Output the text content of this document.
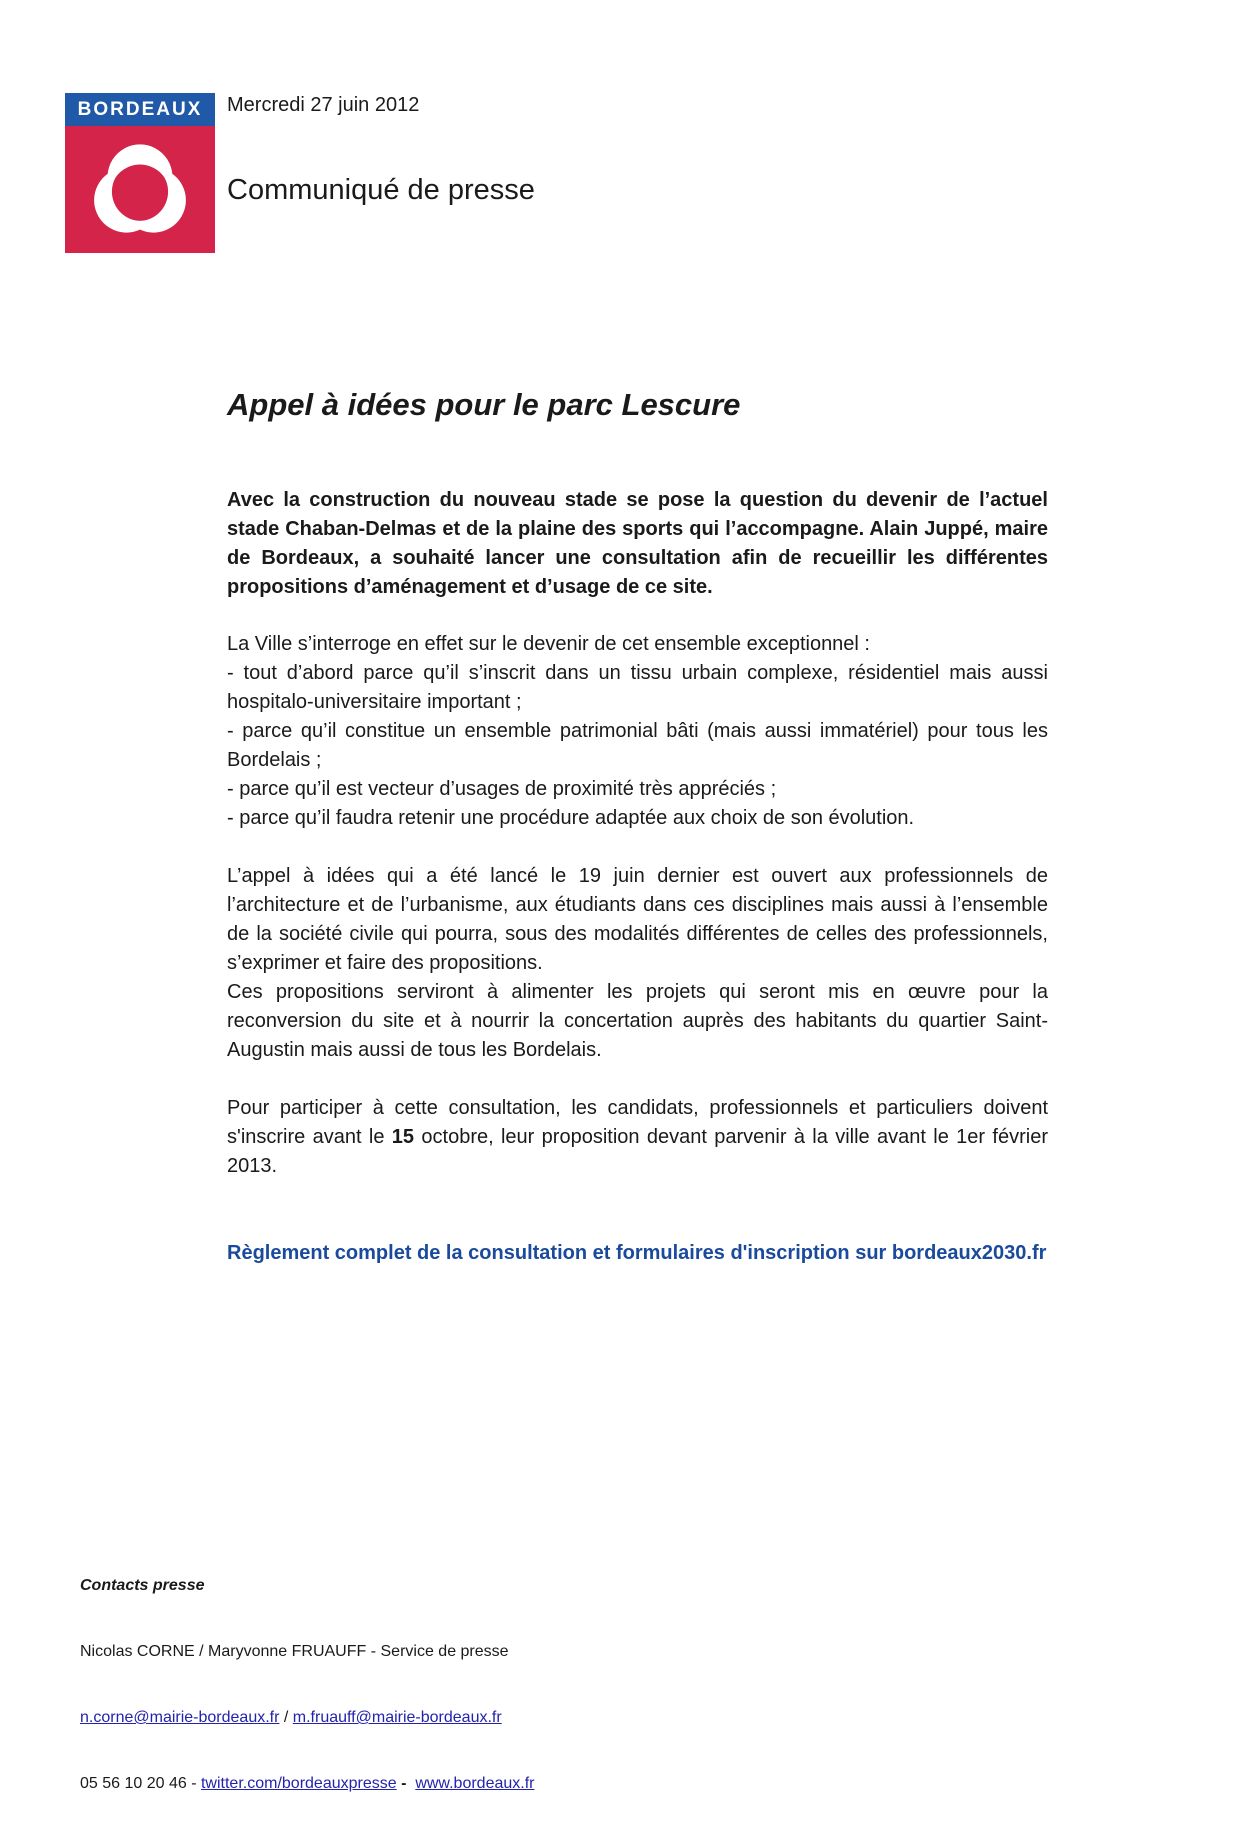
BORDEAUX	Mercredi 27 juin 2012
Communiqué de presse
Appel à idées pour le parc Lescure
Avec la construction du nouveau stade se pose la question du devenir de l’actuel stade Chaban-Delmas et de la plaine des sports qui l’accompagne. Alain Juppé, maire de Bordeaux, a souhaité lancer une consultation afin de recueillir les différentes propositions d’aménagement et d’usage de ce site.
La Ville s’interroge en effet sur le devenir de cet ensemble exceptionnel :
- tout d’abord parce qu’il s’inscrit dans un tissu urbain complexe, résidentiel mais aussi hospitalo-universitaire important ;
- parce qu’il constitue un ensemble patrimonial bâti (mais aussi immatériel) pour tous les Bordelais ;
- parce qu’il est vecteur d’usages de proximité très appréciés ;
- parce qu’il faudra retenir une procédure adaptée aux choix de son évolution.
L’appel à idées qui a été lancé le 19 juin dernier est ouvert aux professionnels de l’architecture et de l’urbanisme, aux étudiants dans ces disciplines mais aussi à l’ensemble de la société civile qui pourra, sous des modalités différentes de celles des professionnels, s’exprimer et faire des propositions.
Ces propositions serviront à alimenter les projets qui seront mis en œuvre pour la reconversion du site et à nourrir la concertation auprès des habitants du quartier Saint-Augustin mais aussi de tous les Bordelais.
Pour participer à cette consultation, les candidats, professionnels et particuliers doivent s'inscrire avant le 15 octobre, leur proposition devant parvenir à la ville avant le 1er février 2013.
Règlement complet de la consultation et formulaires d'inscription sur bordeaux2030.fr

Contacts presse

Nicolas CORNE / Maryvonne FRUAUFF - Service de presse

n.corne@mairie-bordeaux.fr / m.fruauff@mairie-bordeaux.fr

05 56 10 20 46 - twitter.com/bordeauxpresse -  www.bordeaux.fr
